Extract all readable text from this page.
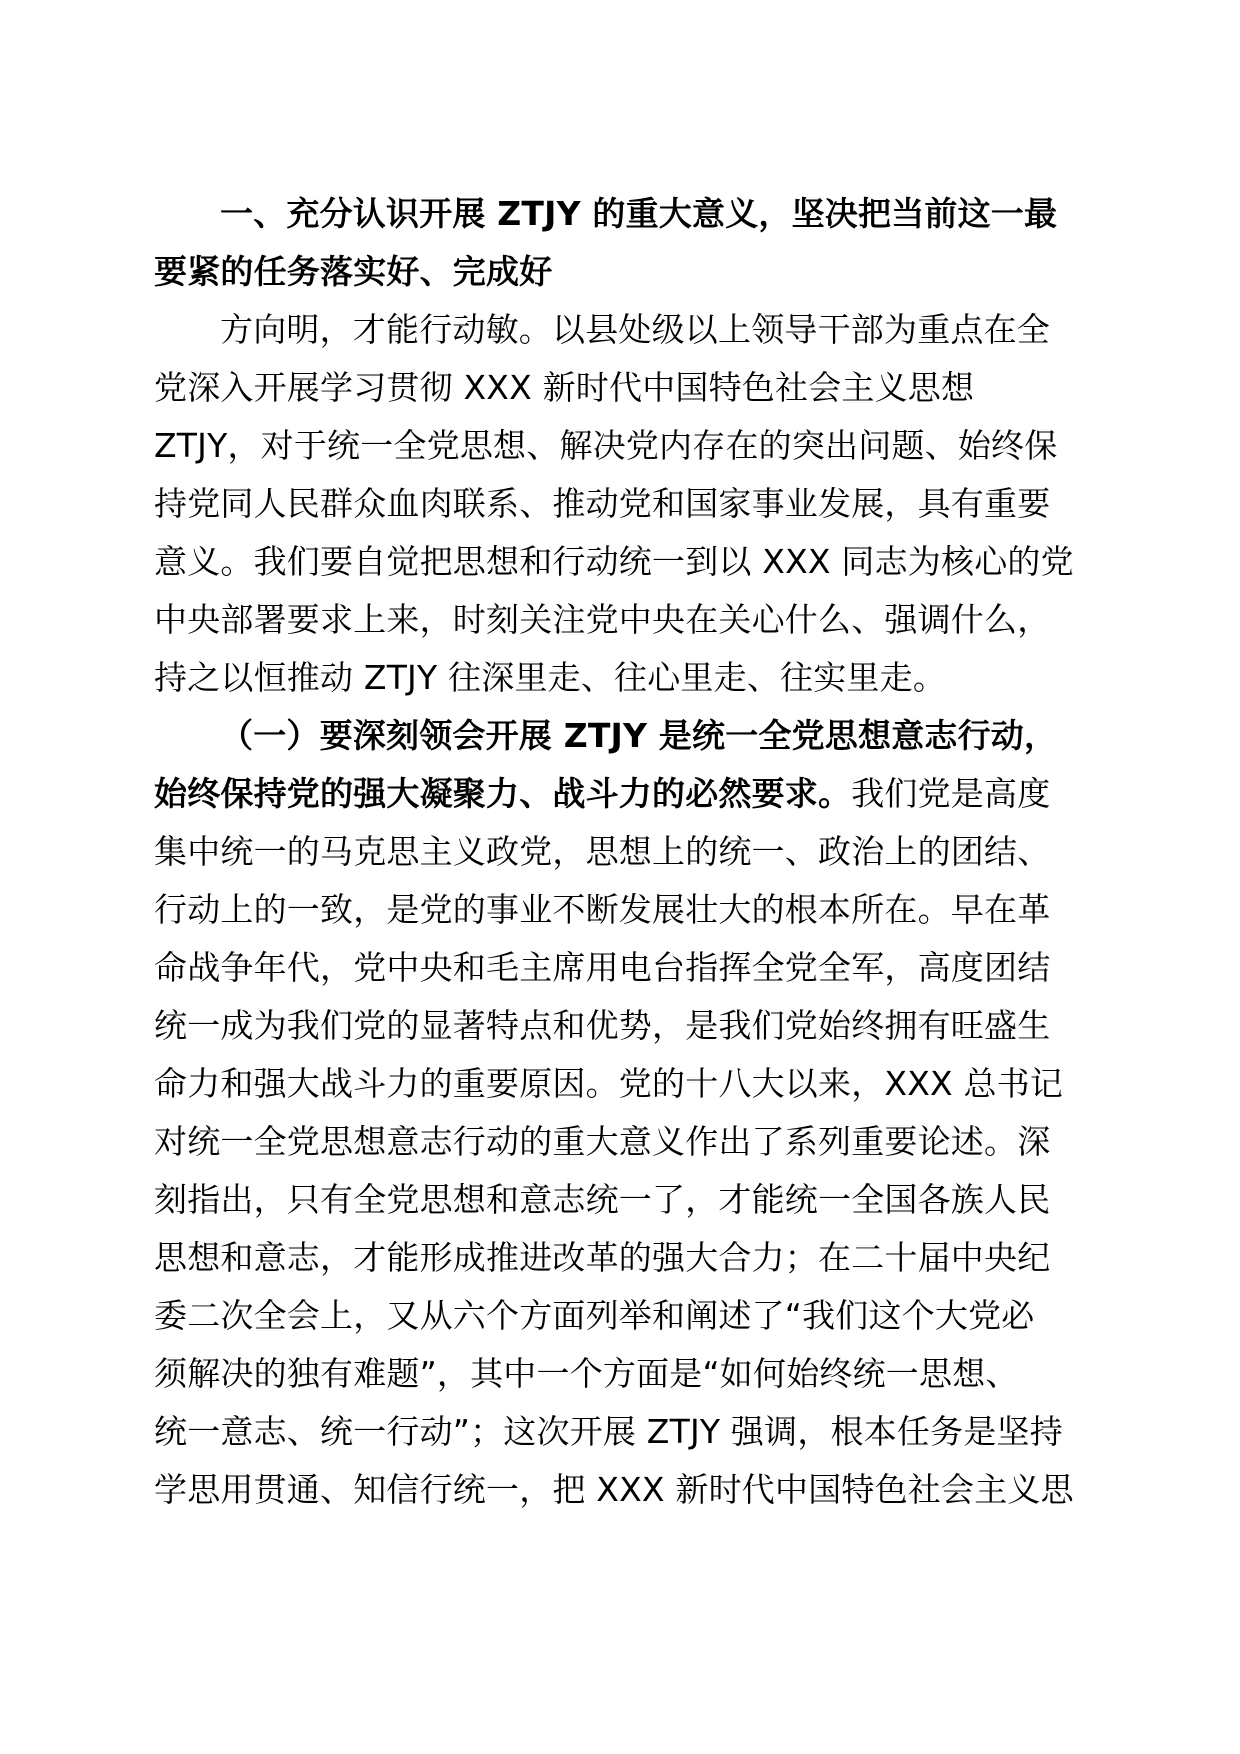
一、充分认识开展 ZTJY 的重大意义，坚决把当前这一最
要紧的任务落实好、完成好
方向明，才能行动敏。以县处级以上领导干部为重点在全
党深入开展学习贯彻 XXX 新时代中国特色社会主义思想
ZTJY，对于统一全党思想、解决党内存在的突出问题、始终保
持党同人民群众血肉联系、推动党和国家事业发展，具有重要
意义。我们要自觉把思想和行动统一到以 XXX 同志为核心的党
中央部署要求上来，时刻关注党中央在关心什么、强调什么，
持之以恒推动 ZTJY 往深里走、往心里走、往实里走。
（一）要深刻领会开展 ZTJY 是统一全党思想意志行动，
始终保持党的强大凝聚力、战斗力的必然要求。我们党是高度
集中统一的马克思主义政党，思想上的统一、政治上的团结、
行动上的一致，是党的事业不断发展壮大的根本所在。早在革
命战争年代，党中央和毛主席用电台指挥全党全军，高度团结
统一成为我们党的显著特点和优势，是我们党始终拥有旺盛生
命力和强大战斗力的重要原因。党的十八大以来，XXX 总书记
对统一全党思想意志行动的重大意义作出了系列重要论述。深
刻指出，只有全党思想和意志统一了，才能统一全国各族人民
思想和意志，才能形成推进改革的强大合力；在二十届中央纪
委二次全会上，又从六个方面列举和阐述了“我们这个大党必
须解决的独有难题”，其中一个方面是“如何始终统一思想、
统一意志、统一行动”；这次开展 ZTJY 强调，根本任务是坚持
学思用贯通、知信行统一，把 XXX 新时代中国特色社会主义思
